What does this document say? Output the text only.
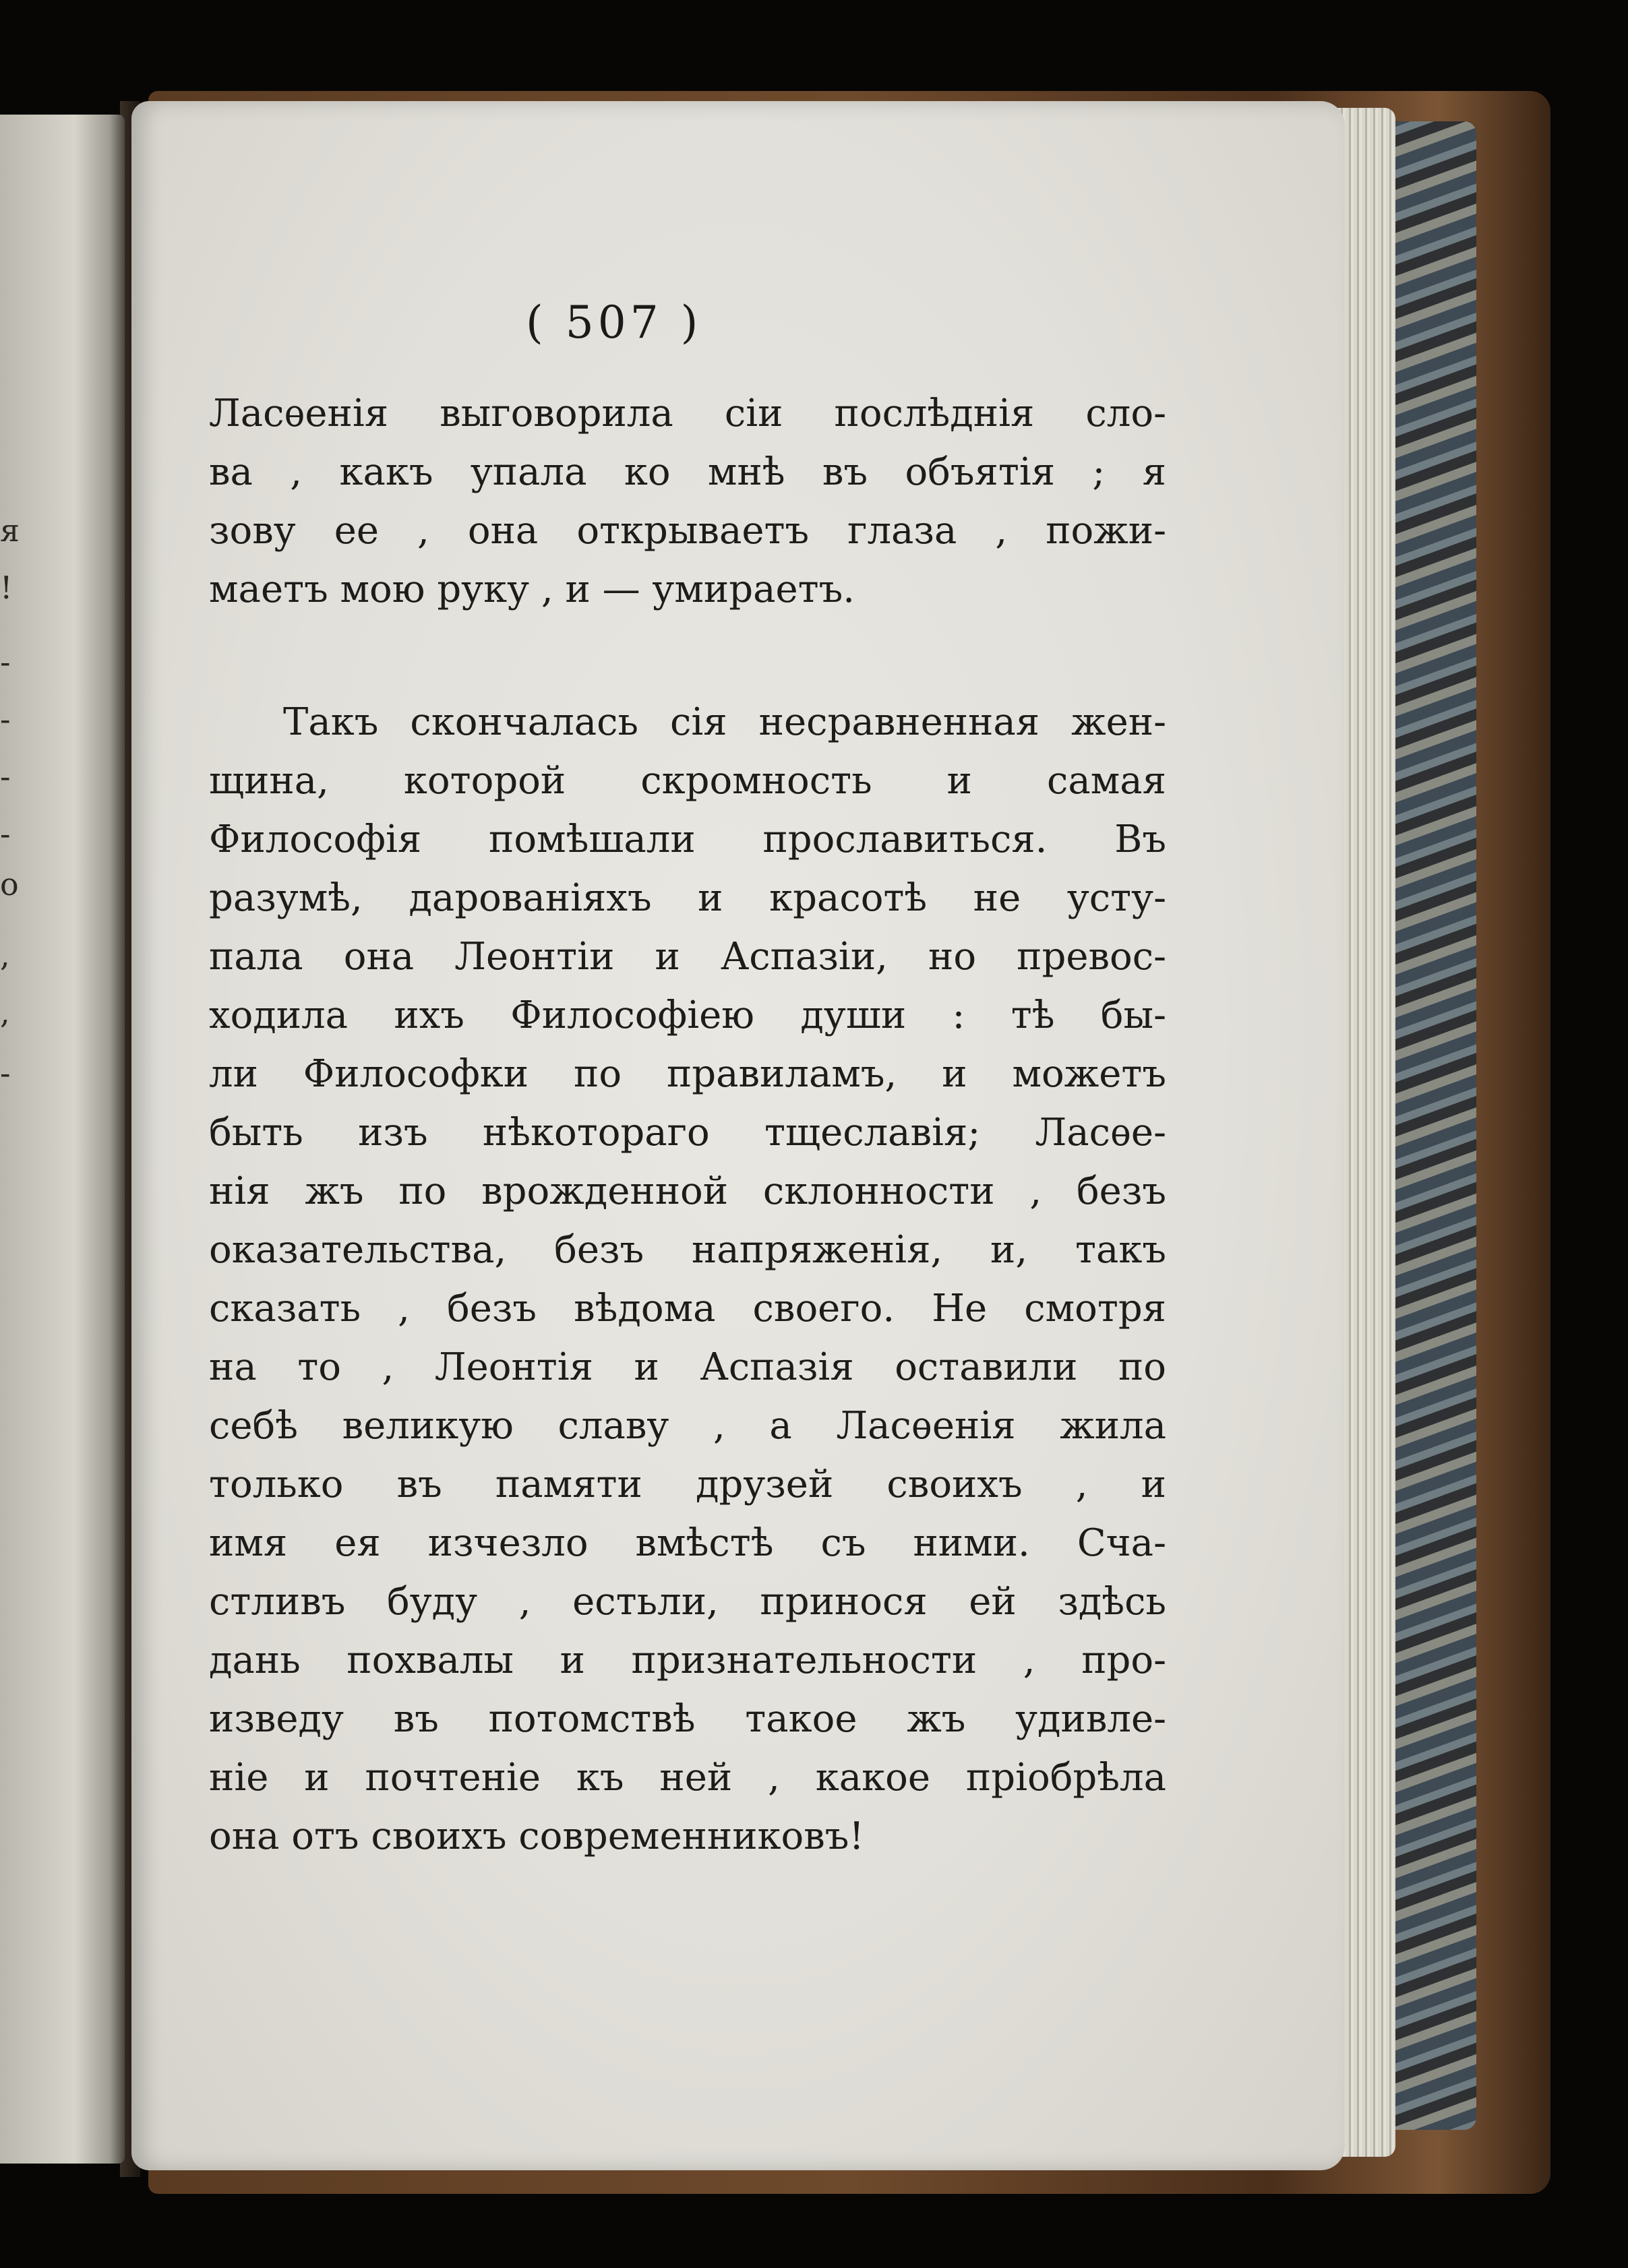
я
!
-
-
-
-
о
,
,
-
( 507 )
Ласѳенія выговорила сіи послѣднія сло-
ва , какъ упала ко мнѣ въ объятія ; я
зову ее , она открываетъ глаза , пожи-
маетъ мою руку , и — умираетъ.
Такъ скончалась сія несравненная жен-
щина, которой скромность и самая
Философія помѣшали прославиться. Въ
разумѣ, дарованіяхъ и красотѣ не усту-
пала она Леонтіи и Аспазіи, но превос-
ходила ихъ Философіею души : тѣ бы-
ли Философки по правиламъ, и можетъ
быть изъ нѣкотораго тщеславія; Ласѳе-
нія жъ по врожденной склонности , безъ
оказательства, безъ напряженія, и, такъ
сказать , безъ вѣдома своего. Не смотря
на то , Леонтія и Аспазія оставили по
себѣ великую славу , а Ласѳенія жила
только въ памяти друзей своихъ , и
имя ея изчезло вмѣстѣ съ ними. Сча-
стливъ буду , естьли, принося ей здѣсь
дань похвалы и признательности , про-
изведу въ потомствѣ такое жъ удивле-
ніе и почтеніе къ ней , какое пріобрѣла
она отъ своихъ современниковъ!
